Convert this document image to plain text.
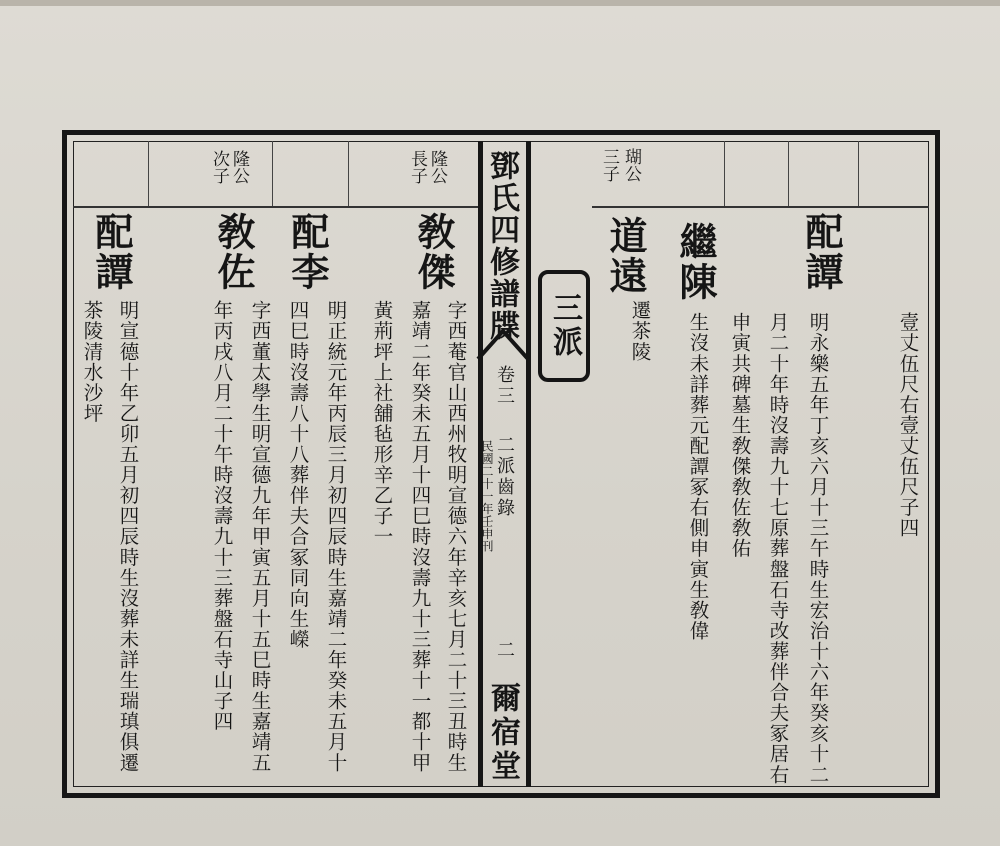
鄧氏四修譜牒
卷三
二派齒錄
民國二十一年壬申刊
二
爾宿堂
三派
三子 瑚公
壹丈伍尺右壹丈伍尺子四
配譚
明永樂五年丁亥六月十三午時生宏治十六年癸亥十二
月二十年時沒壽九十七原葬盤石寺改葬伴合夫冢居右
申寅共碑墓生敎傑敎佐敎佑
繼陳
生沒未詳葬元配譚冢右側申寅生敎偉
道遠
遷茶陵
長子 隆公
敎傑
字西菴官山西州牧明宣德六年辛亥七月二十三丑時生
嘉靖二年癸未五月十四巳時沒壽九十三葬十一都十甲
黃荊坪上社舖毡形辛乙子一
配李
明正統元年丙辰三月初四辰時生嘉靖二年癸未五月十
四巳時沒壽八十八葬伴夫合冢同向生嶸
次子 隆公
敎佐
字西董太學生明宣德九年甲寅五月十五巳時生嘉靖五
年丙戌八月二十午時沒壽九十三葬盤石寺山子四
配譚
明宣德十年乙卯五月初四辰時生沒葬未詳生瑞瑱俱遷
茶陵清水沙坪
